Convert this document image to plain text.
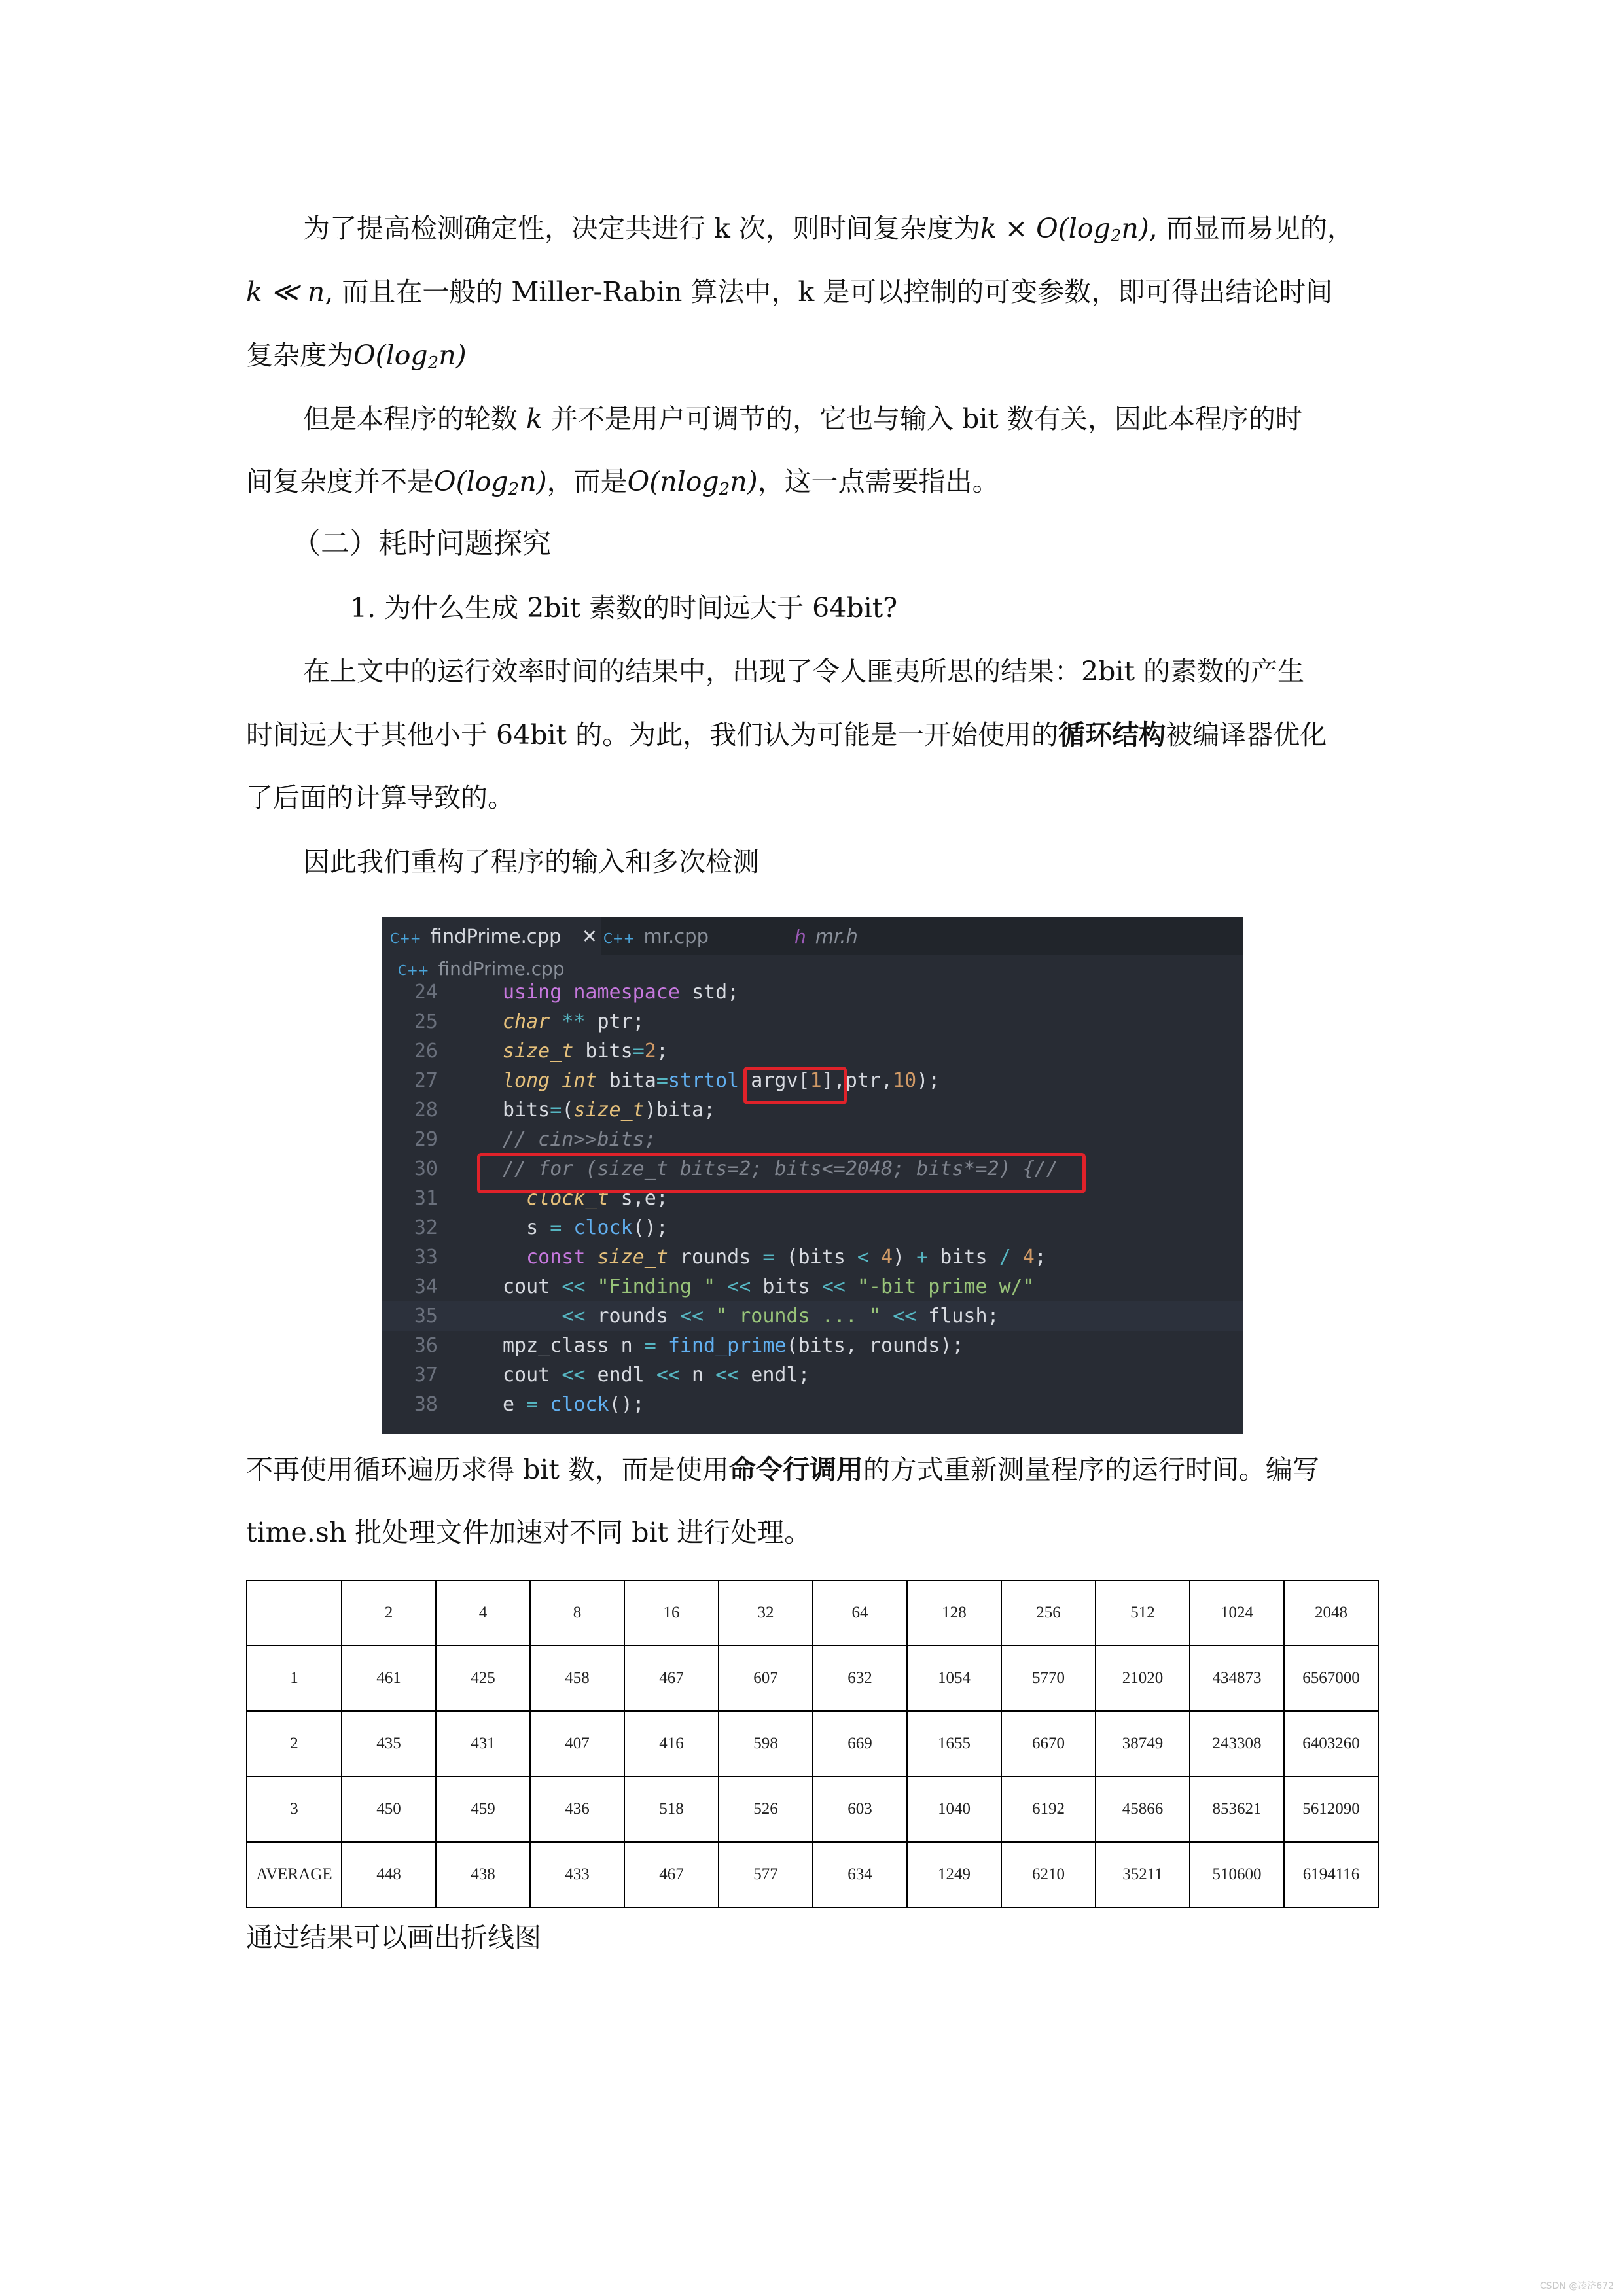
为了提高检测确定性，决定共进行 k 次，则时间复杂度为$k \times O(\log_2n)$, 而显而易见的，
k ≪ n, 而且在一般的 Miller-Rabin 算法中，k 是可以控制的可变参数，即可得出结论时间
复杂度为$O(\log_2n)$
但是本程序的轮数 k 并不是用户可调节的，它也与输入 bit 数有关，因此本程序的时
间复杂度并不是$O(\log_2n)$，而是O(nlog$_2$n)，这一点需要指出。
（二）耗时问题探究
1. 为什么生成 2bit 素数的时间远大于 64bit?
在上文中的运行效率时间的结果中，出现了令人匪夷所思的结果：2bit 的素数的产生
时间远大于其他小于 64bit 的。为此，我们认为可能是一开始使用的循环结构被编译器优化
了后面的计算导致的。
因此我们重构了程序的输入和多次检测
C++ findPrime.cpp ✕ C++ mr.cpp	h mr.h
C++ findPrime.cpp
24	using namespace std;
25	char ** ptr;
26	size_t bits=2;
27	long int bita=strtol(argv[1],ptr,10);
28	bits=(size_t)bita;
29	// cin>>bits;
30	// for (size_t bits=2; bits<=2048; bits*=2) {//
31	clock_t s,e;
32	s = clock();
33	const size_t rounds = (bits < 4) + bits / 4;
34	cout << "Finding " << bits << "-bit prime w/"
35	<< rounds << " rounds ... " << flush;
36	mpz_class n = find_prime(bits, rounds);
37	cout << endl << n << endl;
38	e = clock();
不再使用循环遍历求得 bit 数，而是使用命令行调用的方式重新测量程序的运行时间。编写
time.sh 批处理文件加速对不同 bit 进行处理。
	2	4	8	16	32	64	128	256	512	1024	2048
1	461	425	458	467	607	632	1054	5770	21020	434873	6567000
2	435	431	407	416	598	669	1655	6670	38749	243308	6403260
3	450	459	436	518	526	603	1040	6192	45866	853621	5612090
AVERAGE	448	438	433	467	577	634	1249	6210	35211	510600	6194116
通过结果可以画出折线图
CSDN @凌济672
